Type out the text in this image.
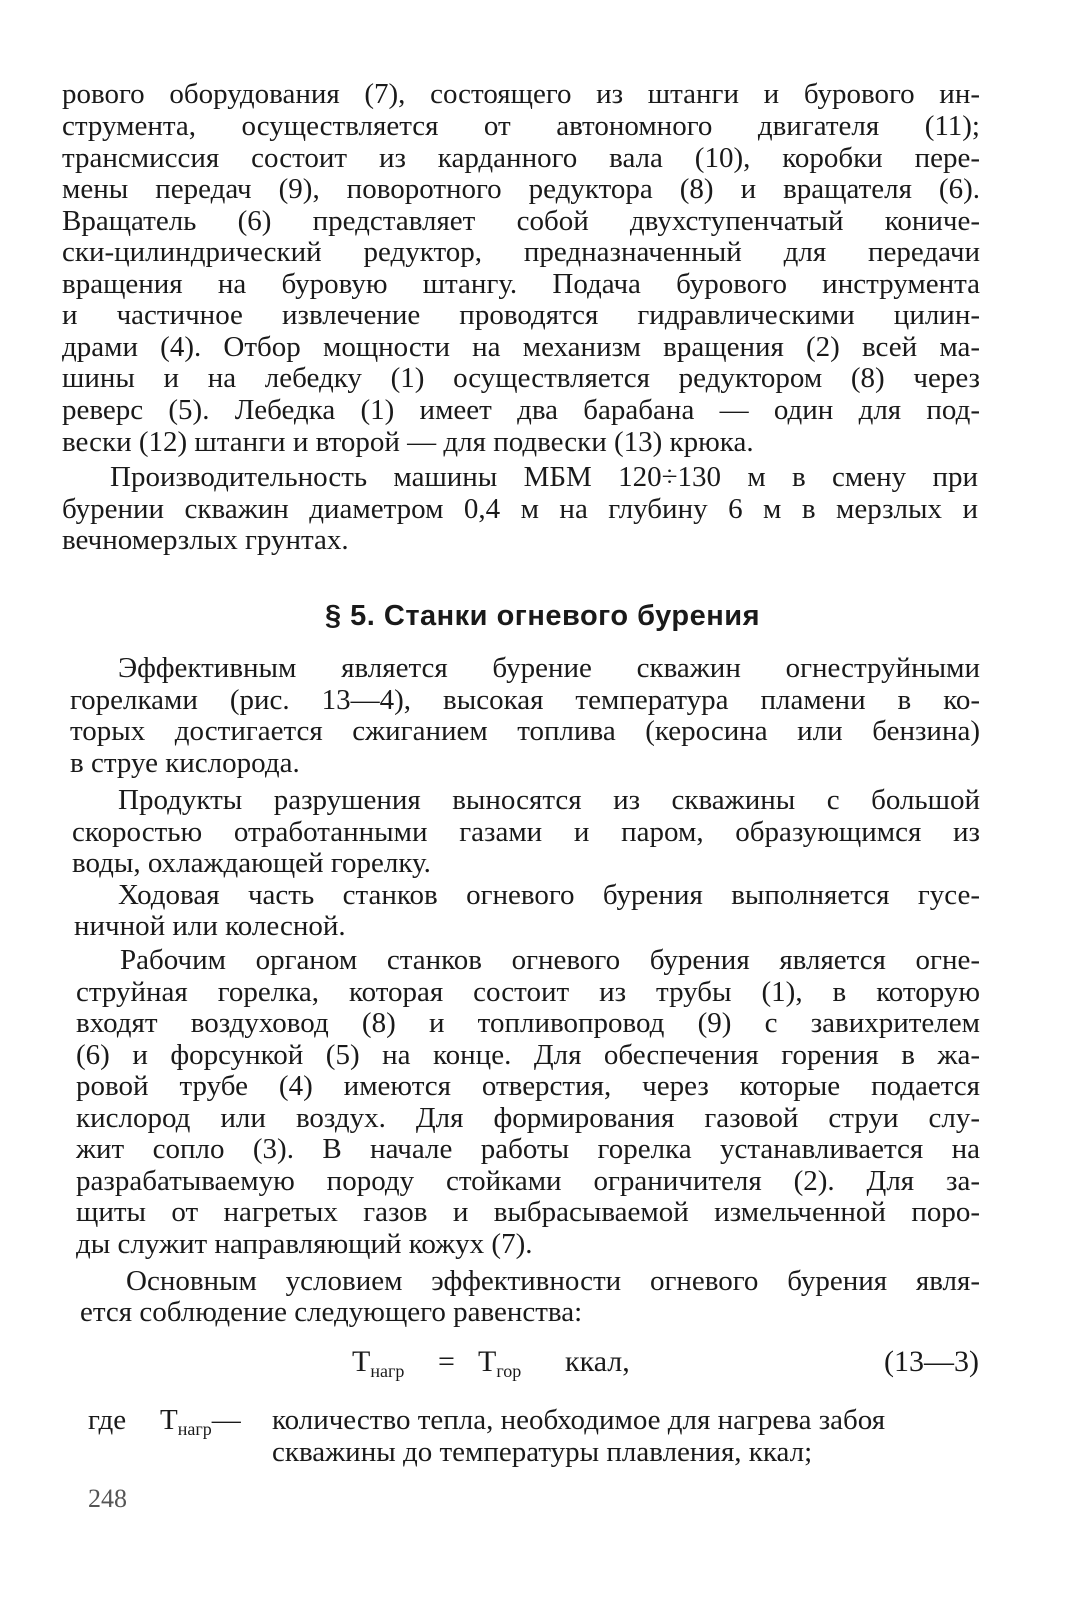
рового оборудования (7), состоящего из штанги и бурового ин-
струмента, осуществляется от автономного двигателя (11);
трансмиссия состоит из карданного вала (10), коробки пере-
мены передач (9), поворотного редуктора (8) и вращателя (6).
Вращатель (6) представляет собой двухступенчатый кониче-
ски-цилиндрический редуктор, предназначенный для передачи
вращения на буровую штангу. Подача бурового инструмента
и частичное извлечение проводятся гидравлическими цилин-
драми (4). Отбор мощности на механизм вращения (2) всей ма-
шины и на лебедку (1) осуществляется редуктором (8) через
реверс (5). Лебедка (1) имеет два барабана — один для под-
вески (12) штанги и второй — для подвески (13) крюка.
Производительность машины МБМ 120÷130 м в смену при
бурении скважин диаметром 0,4 м на глубину 6 м в мерзлых и
вечномерзлых грунтах.
§ 5. Станки огневого бурения
Эффективным является бурение скважин огнеструйными
горелками (рис. 13—4), высокая температура пламени в ко-
торых достигается сжиганием топлива (керосина или бензина)
в струе кислорода.
Продукты разрушения выносятся из скважины с большой
скоростью отработанными газами и паром, образующимся из
воды, охлаждающей горелку.
Ходовая часть станков огневого бурения выполняется гусе-
ничной или колесной.
Рабочим органом станков огневого бурения является огне-
струйная горелка, которая состоит из трубы (1), в которую
входят воздуховод (8) и топливопровод (9) с завихрителем
(6) и форсункой (5) на конце. Для обеспечения горения в жа-
ровой трубе (4) имеются отверстия, через которые подается
кислород или воздух. Для формирования газовой струи слу-
жит сопло (3). В начале работы горелка устанавливается на
разрабатываемую породу стойками ограничителя (2). Для за-
щиты от нагретых газов и выбрасываемой измельченной поро-
ды служит направляющий кожух (7).
Основным условием эффективности огневого бурения явля-
ется соблюдение следующего равенства:
$Т_{нагр} = Т_{гор}$ ккал,	(13—3)
где $Т_{нагр}—$ количество тепла, необходимое для нагрева забоя
скважины до температуры плавления, ккал;
248
